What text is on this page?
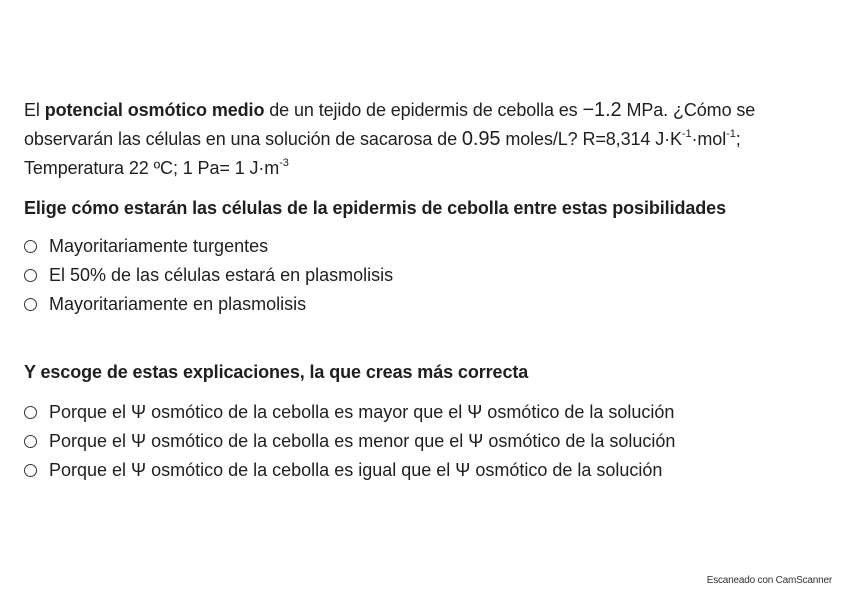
El potencial osmótico medio de un tejido de epidermis de cebolla es −1.2 MPa. ¿Cómo se observarán las células en una solución de sacarosa de 0.95 moles/L? R=8,314 $J\cdot K^{-1}\cdot mol^{-1}$; Temperatura 22 ºC; 1 Pa= 1 $J\cdot m^{-3}$
Elige cómo estarán las células de la epidermis de cebolla entre estas posibilidades
Mayoritariamente turgentes
El 50% de las células estará en plasmolisis
Mayoritariamente en plasmolisis
Y escoge de estas explicaciones, la que creas más correcta
Porque el Ψ osmótico de la cebolla es mayor que el Ψ osmótico de la solución
Porque el Ψ osmótico de la cebolla es menor que el Ψ osmótico de la solución
Porque el Ψ osmótico de la cebolla es igual que el Ψ osmótico de la solución
Escaneado con CamScanner
